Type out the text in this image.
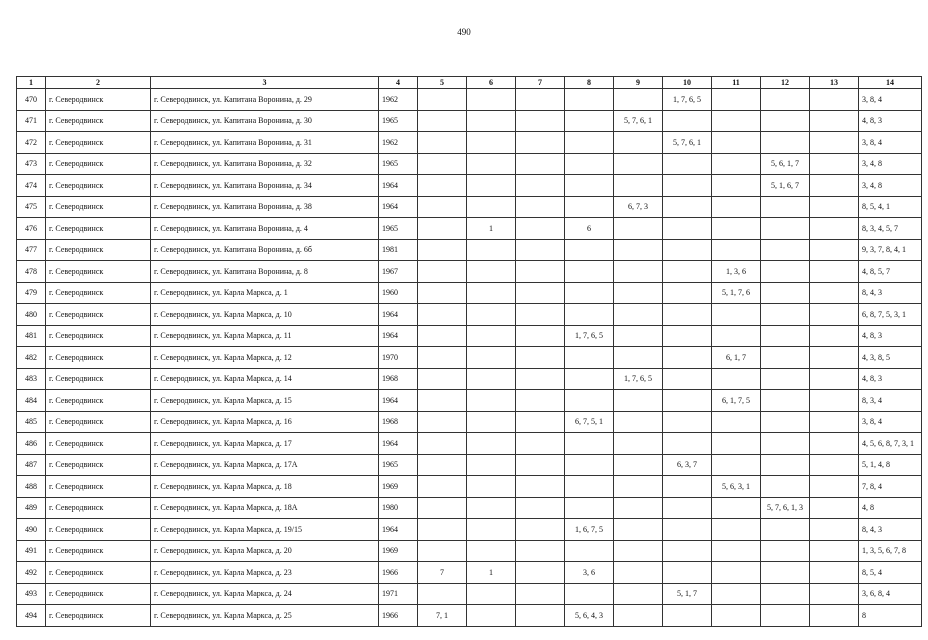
490
1	2	3	4	5	6	7	8	9	10	11	12	13	14
470	г. Северодвинск	г. Северодвинск, ул. Капитана Воронина, д. 29	1962						1, 7, 6, 5				3, 8, 4
471	г. Северодвинск	г. Северодвинск, ул. Капитана Воронина, д. 30	1965					5, 7, 6, 1					4, 8, 3
472	г. Северодвинск	г. Северодвинск, ул. Капитана Воронина, д. 31	1962						5, 7, 6, 1				3, 8, 4
473	г. Северодвинск	г. Северодвинск, ул. Капитана Воронина, д. 32	1965								5, 6, 1, 7		3, 4, 8
474	г. Северодвинск	г. Северодвинск, ул. Капитана Воронина, д. 34	1964								5, 1, 6, 7		3, 4, 8
475	г. Северодвинск	г. Северодвинск, ул. Капитана Воронина, д. 38	1964					6, 7, 3					8, 5, 4, 1
476	г. Северодвинск	г. Северодвинск, ул. Капитана Воронина, д. 4	1965		1		6						8, 3, 4, 5, 7
477	г. Северодвинск	г. Северодвинск, ул. Капитана Воронина, д. 6б	1981										9, 3, 7, 8, 4, 1
478	г. Северодвинск	г. Северодвинск, ул. Капитана Воронина, д. 8	1967							1, 3, 6			4, 8, 5, 7
479	г. Северодвинск	г. Северодвинск, ул. Карла Маркса, д. 1	1960							5, 1, 7, 6			8, 4, 3
480	г. Северодвинск	г. Северодвинск, ул. Карла Маркса, д. 10	1964										6, 8, 7, 5, 3, 1
481	г. Северодвинск	г. Северодвинск, ул. Карла Маркса, д. 11	1964				1, 7, 6, 5						4, 8, 3
482	г. Северодвинск	г. Северодвинск, ул. Карла Маркса, д. 12	1970							6, 1, 7			4, 3, 8, 5
483	г. Северодвинск	г. Северодвинск, ул. Карла Маркса, д. 14	1968					1, 7, 6, 5					4, 8, 3
484	г. Северодвинск	г. Северодвинск, ул. Карла Маркса, д. 15	1964							6, 1, 7, 5			8, 3, 4
485	г. Северодвинск	г. Северодвинск, ул. Карла Маркса, д. 16	1968				6, 7, 5, 1						3, 8, 4
486	г. Северодвинск	г. Северодвинск, ул. Карла Маркса, д. 17	1964										4, 5, 6, 8, 7, 3, 1
487	г. Северодвинск	г. Северодвинск, ул. Карла Маркса, д. 17А	1965						6, 3, 7				5, 1, 4, 8
488	г. Северодвинск	г. Северодвинск, ул. Карла Маркса, д. 18	1969							5, 6, 3, 1			7, 8, 4
489	г. Северодвинск	г. Северодвинск, ул. Карла Маркса, д. 18А	1980								5, 7, 6, 1, 3		4, 8
490	г. Северодвинск	г. Северодвинск, ул. Карла Маркса, д. 19/15	1964				1, 6, 7, 5						8, 4, 3
491	г. Северодвинск	г. Северодвинск, ул. Карла Маркса, д. 20	1969										1, 3, 5, 6, 7, 8
492	г. Северодвинск	г. Северодвинск, ул. Карла Маркса, д. 23	1966	7	1		3, 6						8, 5, 4
493	г. Северодвинск	г. Северодвинск, ул. Карла Маркса, д. 24	1971						5, 1, 7				3, 6, 8, 4
494	г. Северодвинск	г. Северодвинск, ул. Карла Маркса, д. 25	1966	7, 1			5, 6, 4, 3						8
